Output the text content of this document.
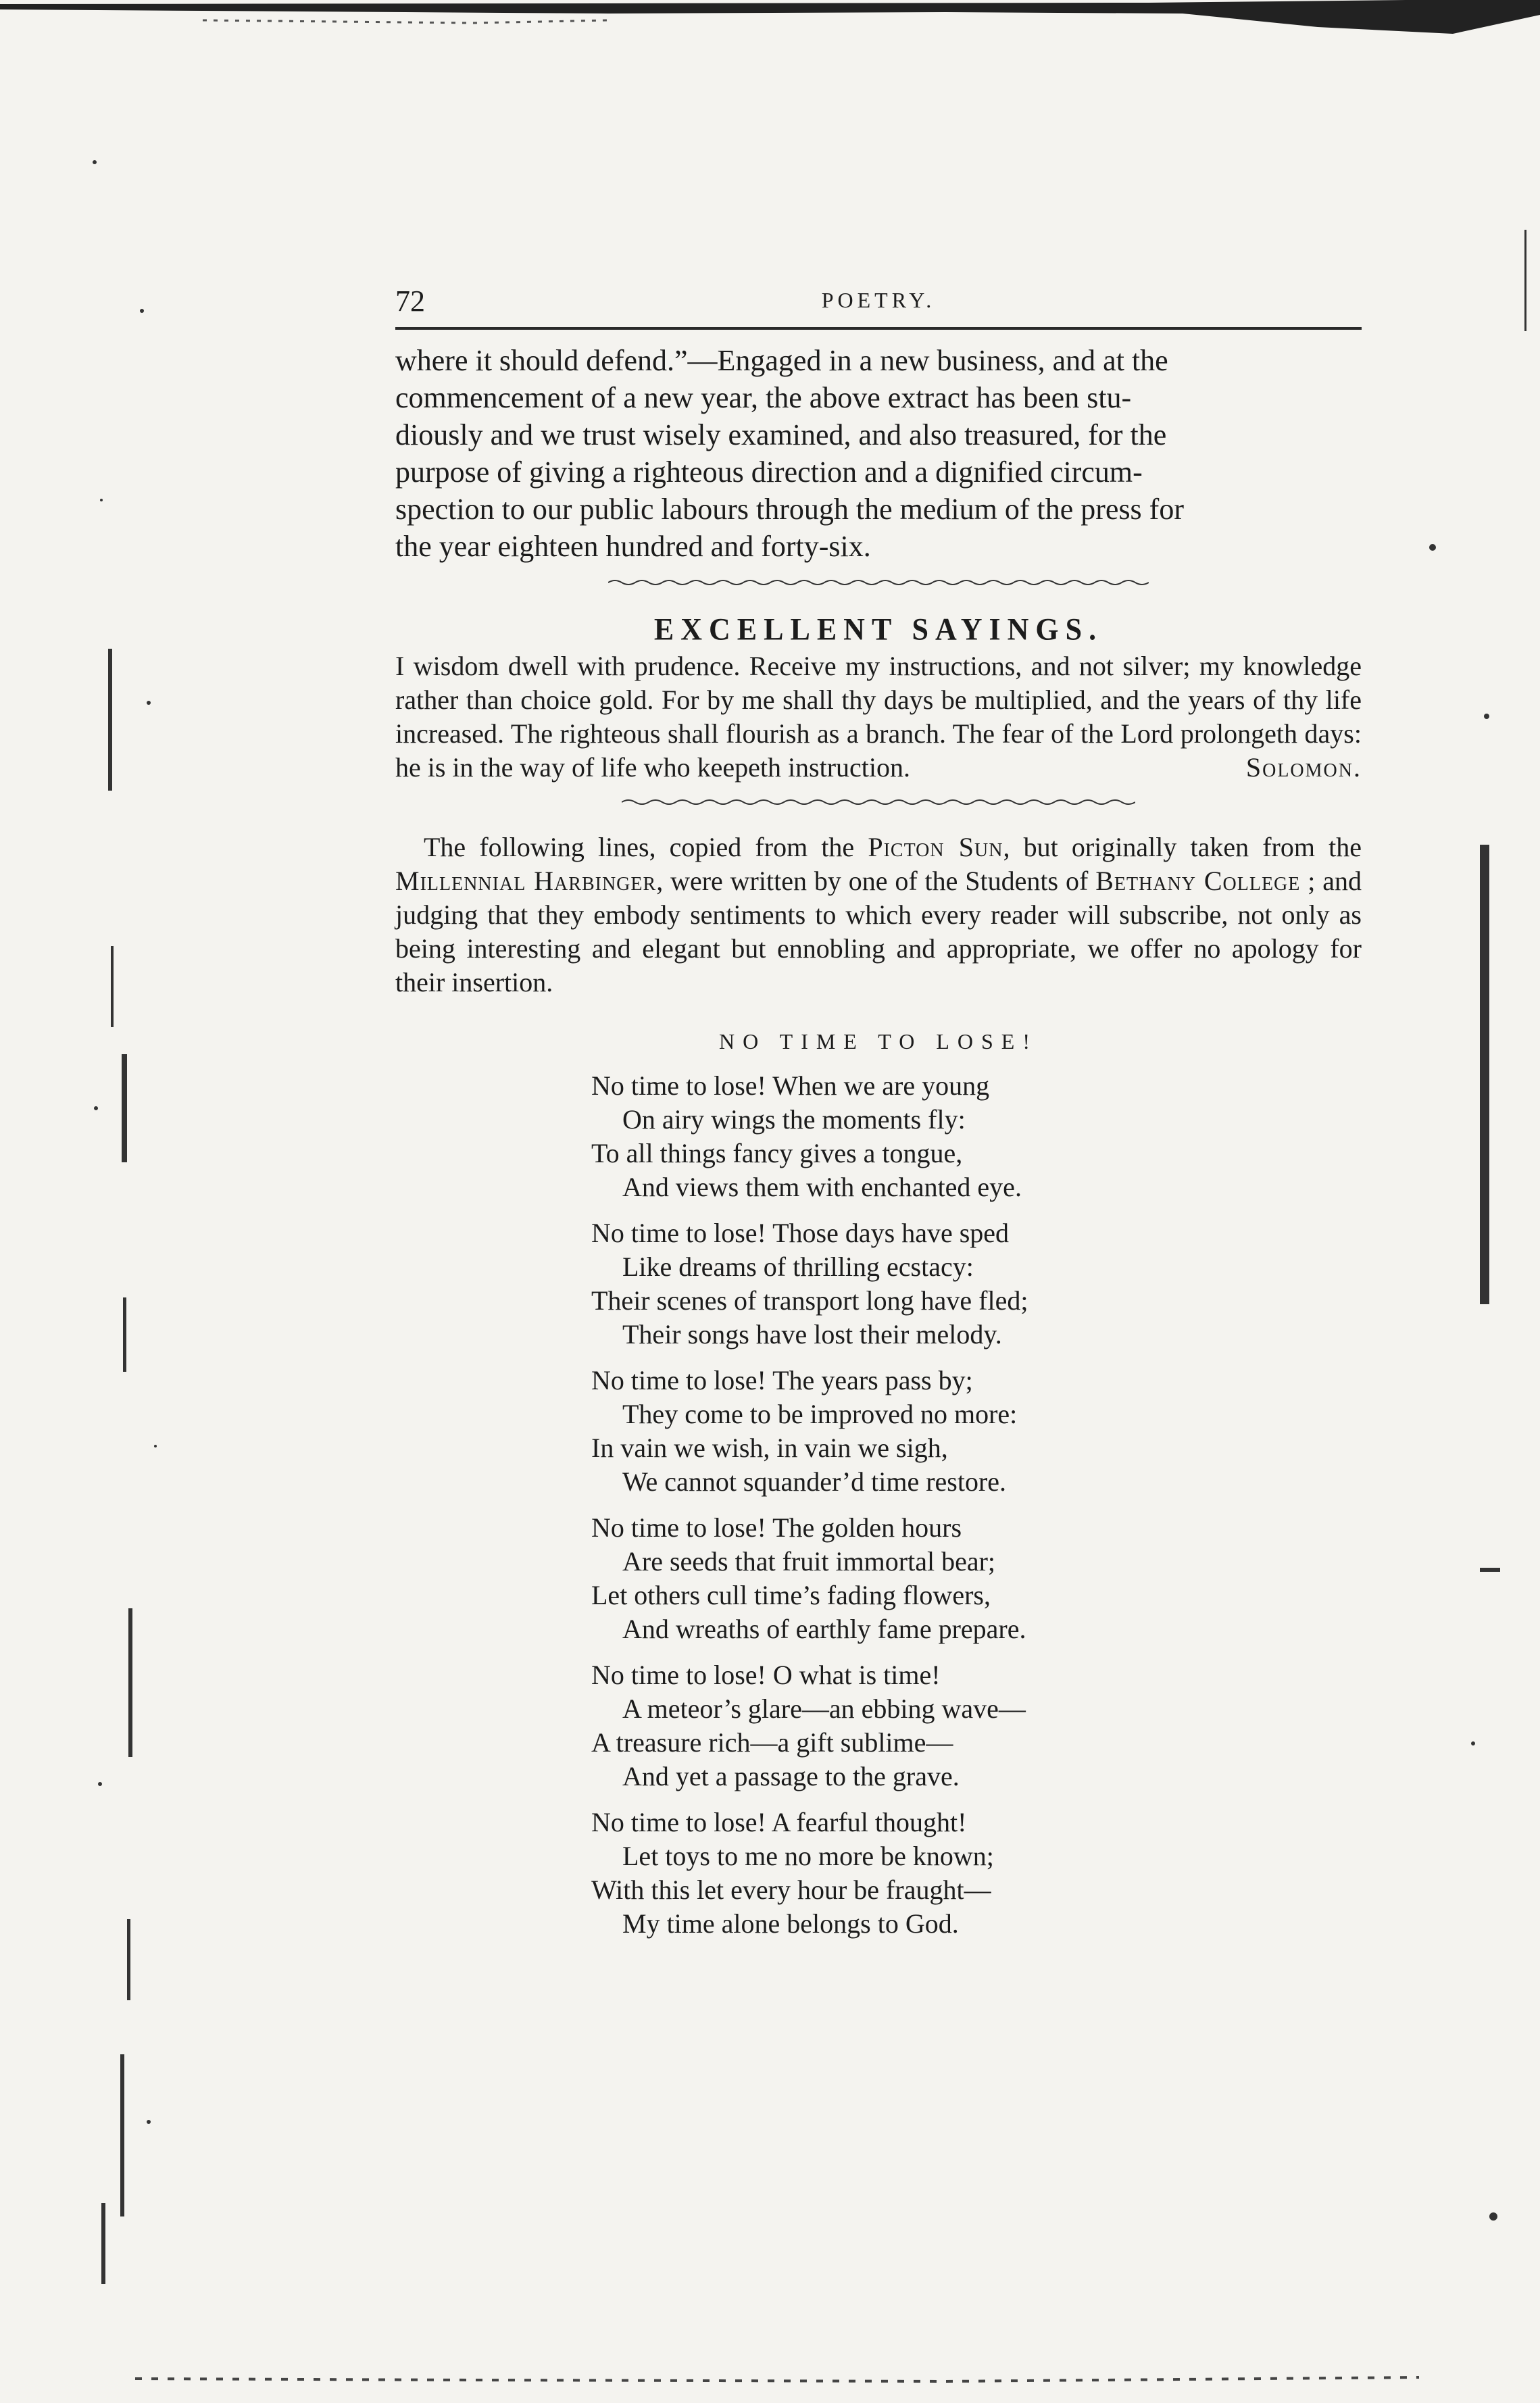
72	POETRY.
where it should defend.”—Engaged in a new business, and at the
commencement of a new year, the above extract has been stu-
diously and we trust wisely examined, and also treasured, for the
purpose of giving a righteous direction and a dignified circum-
spection to our public labours through the medium of the press for
the year eighteen hundred and forty-six.
EXCELLENT SAYINGS.

I wisdom dwell with prudence. Receive my instructions, and not silver; my knowledge rather than choice gold. For by me shall thy days be multiplied, and the years of thy life increased. The righteous shall flourish as a branch. The fear of the Lord prolongeth days: he is in the way of life who keepeth instruction.	Solomon.

The following lines, copied from the Picton Sun, but originally taken from the Millennial Harbinger, were written by one of the Students of Bethany College ; and judging that they embody sentiments to which every reader will subscribe, not only as being interesting and elegant but ennobling and appropriate, we offer no apology for their insertion.

NO TIME TO LOSE!
No time to lose! When we are young
On airy wings the moments fly:
To all things fancy gives a tongue,
And views them with enchanted eye.
No time to lose! Those days have sped
Like dreams of thrilling ecstacy:
Their scenes of transport long have fled;
Their songs have lost their melody.
No time to lose! The years pass by;
They come to be improved no more:
In vain we wish, in vain we sigh,
We cannot squander’d time restore.
No time to lose! The golden hours
Are seeds that fruit immortal bear;
Let others cull time’s fading flowers,
And wreaths of earthly fame prepare.
No time to lose! O what is time!
A meteor’s glare—an ebbing wave—
A treasure rich—a gift sublime—
And yet a passage to the grave.
No time to lose! A fearful thought!
Let toys to me no more be known;
With this let every hour be fraught—
My time alone belongs to God.
